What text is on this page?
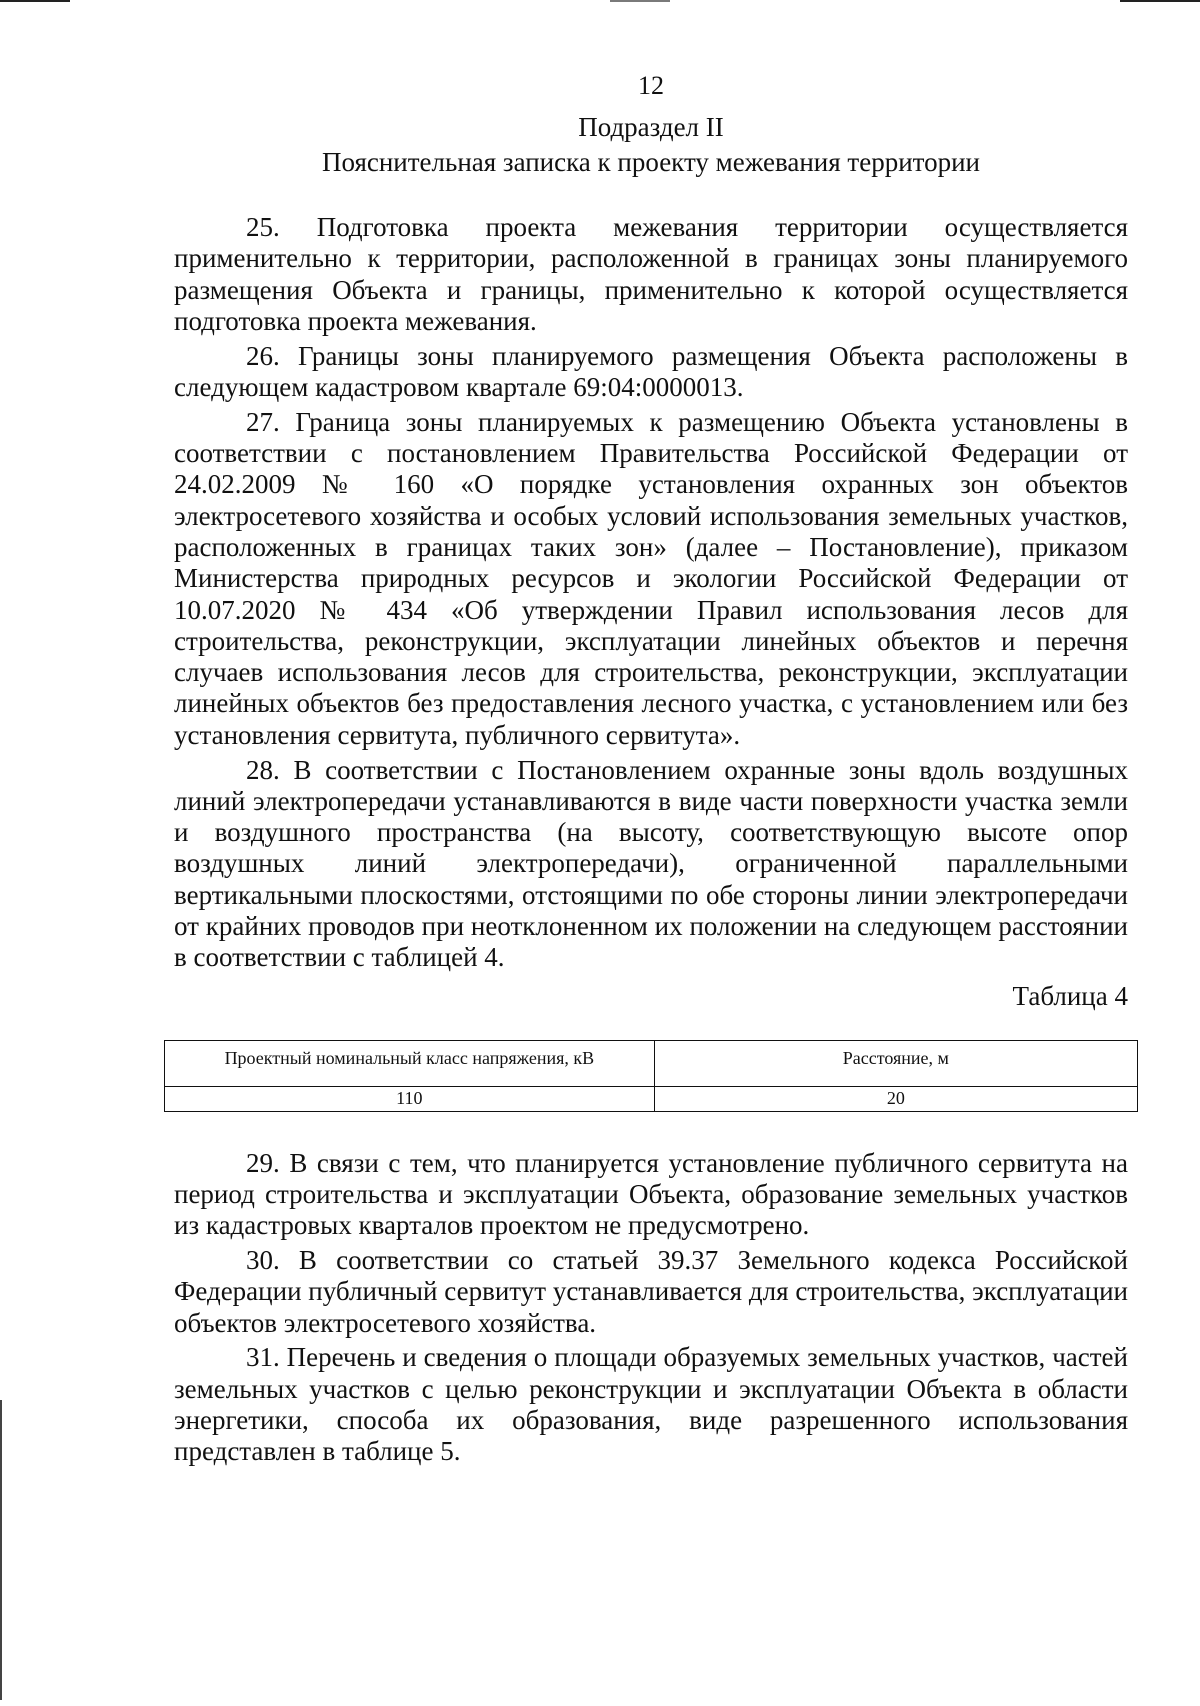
12
Подраздел II
Пояснительная записка к проекту межевания территории

25. Подготовка проекта межевания территории осуществляется применительно к территории, расположенной в границах зоны планируемого размещения Объекта и границы, применительно к которой осуществляется подготовка проекта межевания.

26. Границы зоны планируемого размещения Объекта расположены в следующем кадастровом квартале 69:04:0000013.

27. Граница зоны планируемых к размещению Объекта установлены в соответствии с постановлением Правительства Российской Федерации от 24.02.2009 № 160 «О порядке установления охранных зон объектов электросетевого хозяйства и особых условий использования земельных участков, расположенных в границах таких зон» (далее – Постановление), приказом Министерства природных ресурсов и экологии Российской Федерации от 10.07.2020 № 434 «Об утверждении Правил использования лесов для строительства, реконструкции, эксплуатации линейных объектов и перечня случаев использования лесов для строительства, реконструкции, эксплуатации линейных объектов без предоставления лесного участка, с установлением или без установления сервитута, публичного сервитута».

28. В соответствии с Постановлением охранные зоны вдоль воздушных линий электропередачи устанавливаются в виде части поверхности участка земли и воздушного пространства (на высоту, соответствующую высоте опор воздушных линий электропередачи), ограниченной параллельными вертикальными плоскостями, отстоящими по обе стороны линии электропередачи от крайних проводов при неотклоненном их положении на следующем расстоянии в соответствии с таблицей 4.

Таблица 4
Проектный номинальный класс напряжения, кВ	Расстояние, м
110	20

29. В связи с тем, что планируется установление публичного сервитута на период строительства и эксплуатации Объекта, образование земельных участков из кадастровых кварталов проектом не предусмотрено.

30. В соответствии со статьей 39.37 Земельного кодекса Российской Федерации публичный сервитут устанавливается для строительства, эксплуатации объектов электросетевого хозяйства.

31. Перечень и сведения о площади образуемых земельных участков, частей земельных участков с целью реконструкции и эксплуатации Объекта в области энергетики, способа их образования, виде разрешенного использования представлен в таблице 5.
